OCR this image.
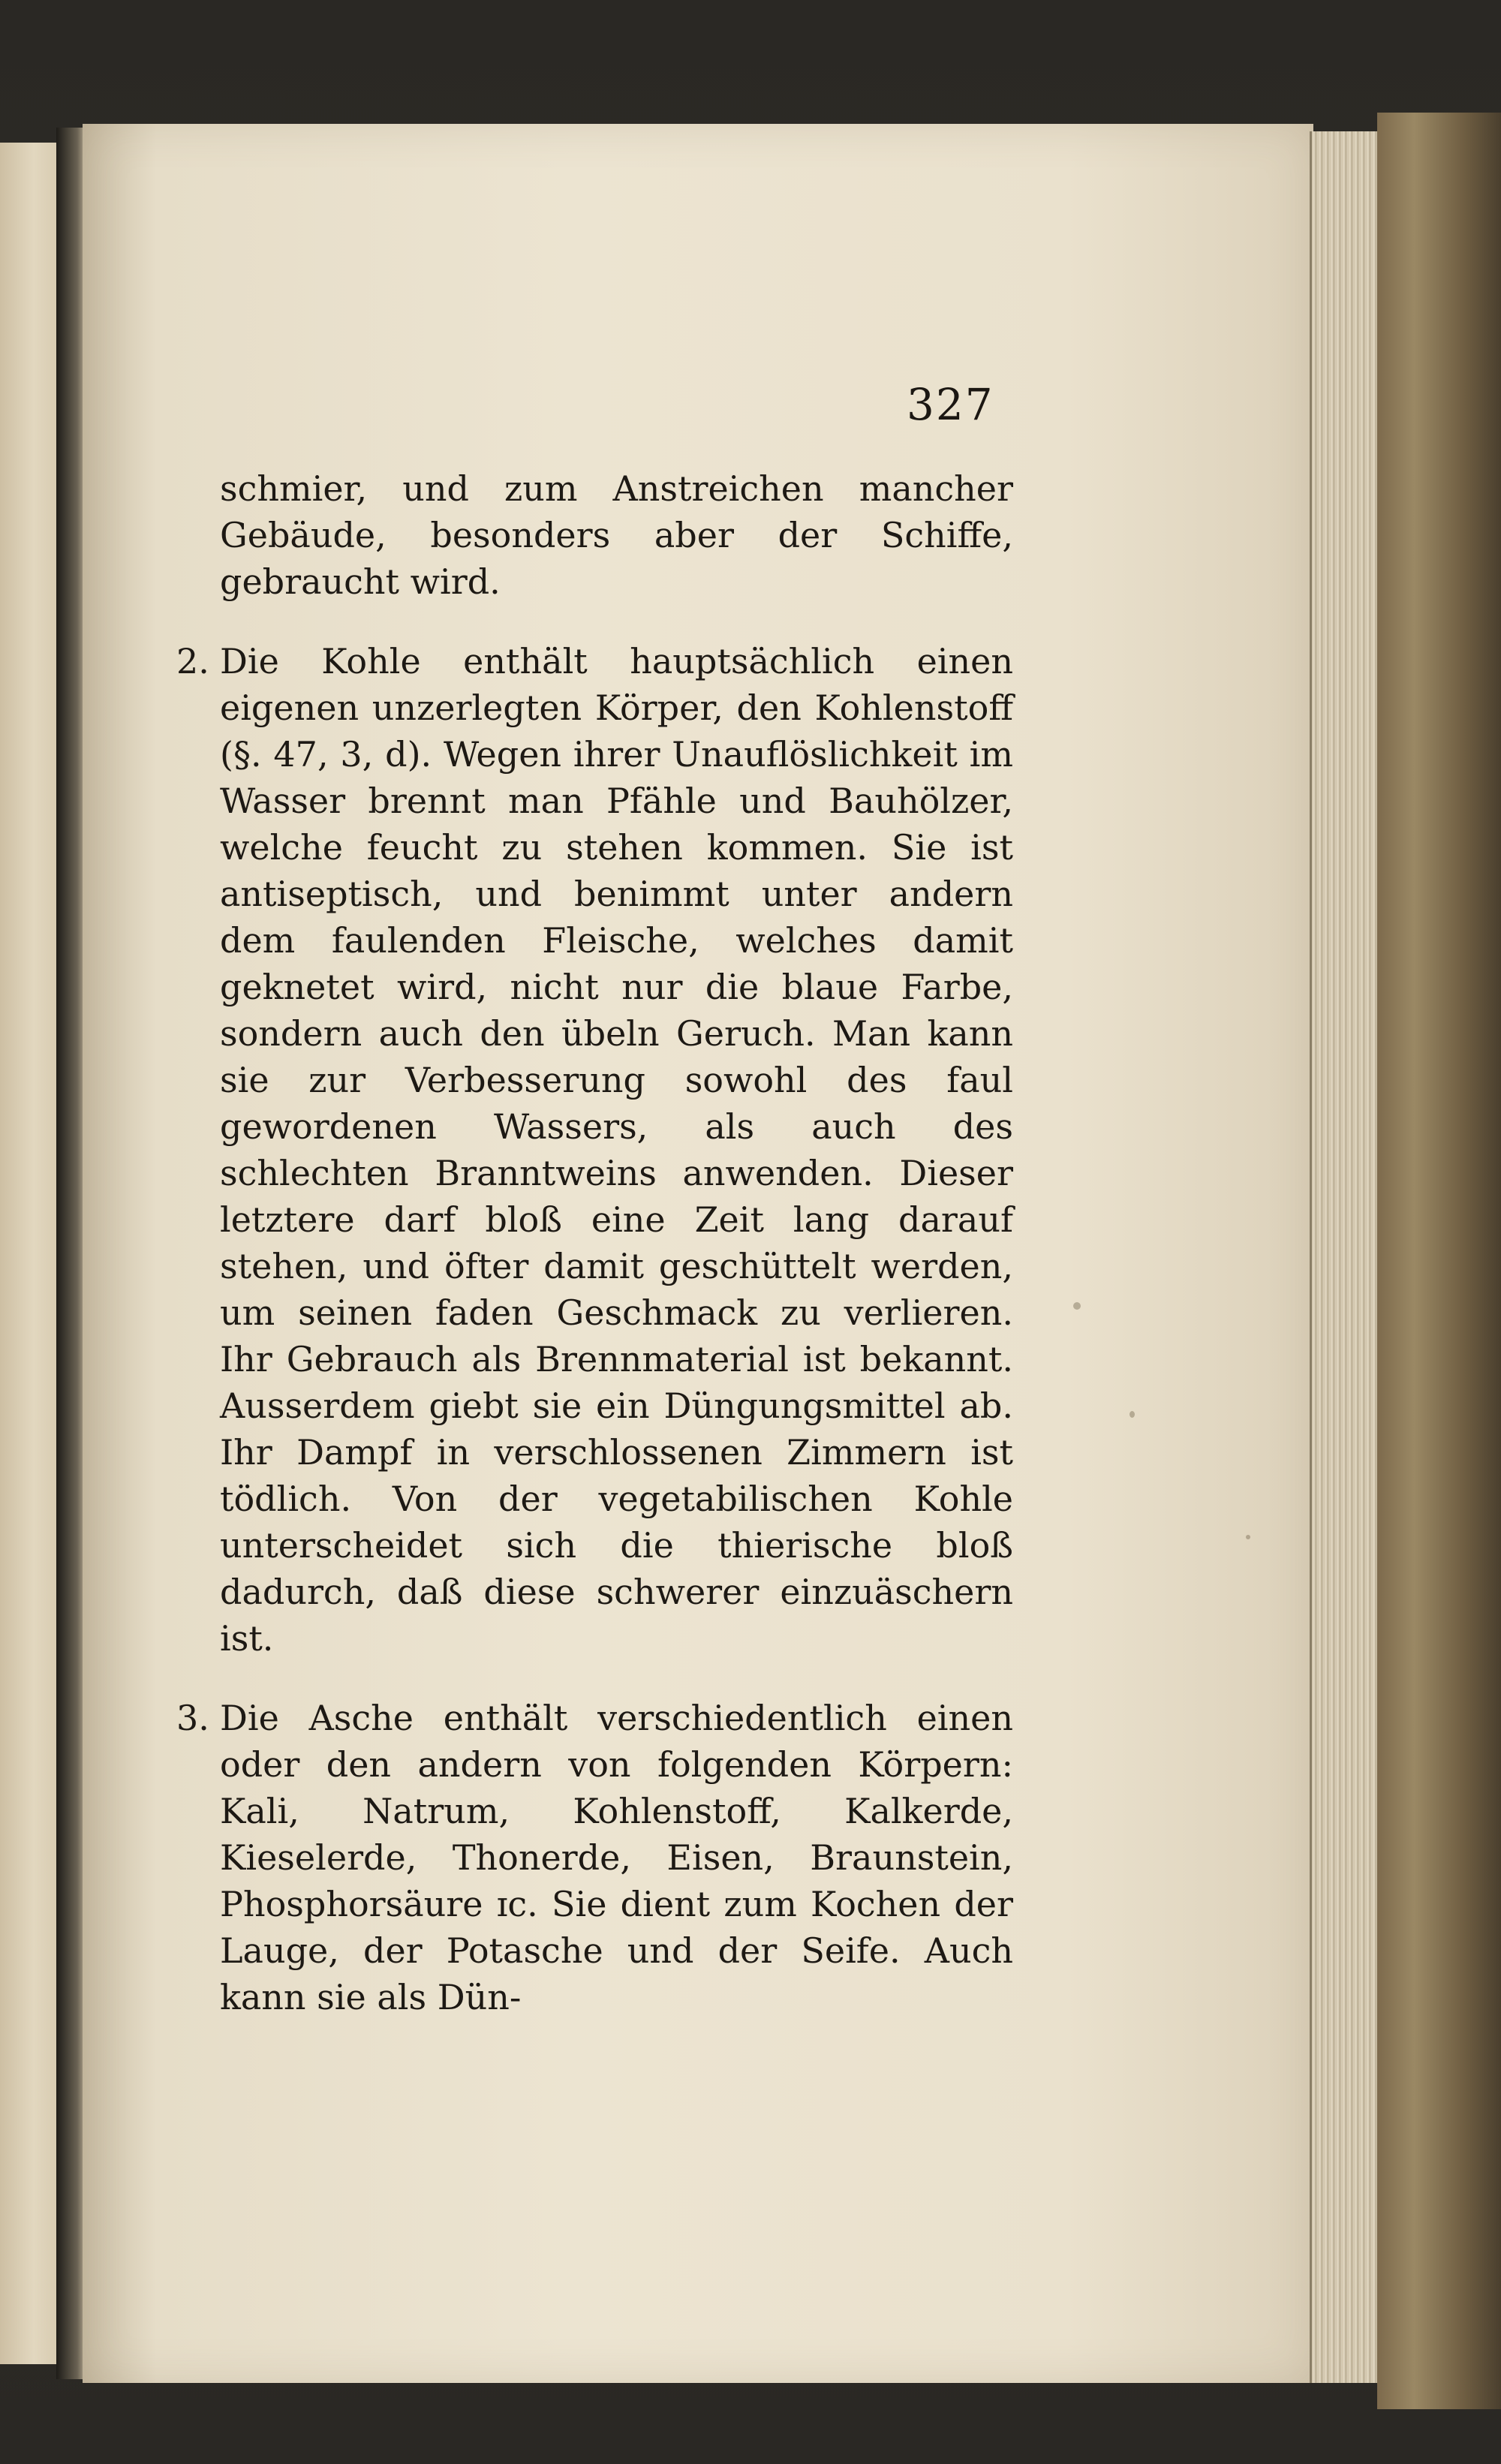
327

schmier, und zum Anstreichen mancher Gebäude, besonders aber der Schiffe, gebraucht wird.

2. Die Kohle enthält hauptsächlich einen eigenen unzerlegten Körper, den Kohlenstoff (§. 47, 3, d). Wegen ihrer Unauflöslichkeit im Wasser brennt man Pfähle und Bauhölzer, welche feucht zu stehen kommen. Sie ist antiseptisch, und benimmt unter andern dem faulenden Fleische, welches damit geknetet wird, nicht nur die blaue Farbe, sondern auch den übeln Geruch. Man kann sie zur Verbesserung sowohl des faul gewordenen Wassers, als auch des schlechten Branntweins anwenden. Dieser letztere darf bloß eine Zeit lang darauf stehen, und öfter damit geschüttelt werden, um seinen faden Geschmack zu verlieren. Ihr Gebrauch als Brennmaterial ist bekannt. Ausserdem giebt sie ein Düngungsmittel ab. Ihr Dampf in verschlossenen Zimmern ist tödlich. Von der vegetabilischen Kohle unterscheidet sich die thierische bloß dadurch, daß diese schwerer einzuäschern ist.

3. Die Asche enthält verschiedentlich einen oder den andern von folgenden Körpern: Kali, Natrum, Kohlenstoff, Kalkerde, Kieselerde, Thonerde, Eisen, Braunstein, Phosphorsäure ɪc. Sie dient zum Kochen der Lauge, der Potasche und der Seife. Auch kann sie als Dün-
